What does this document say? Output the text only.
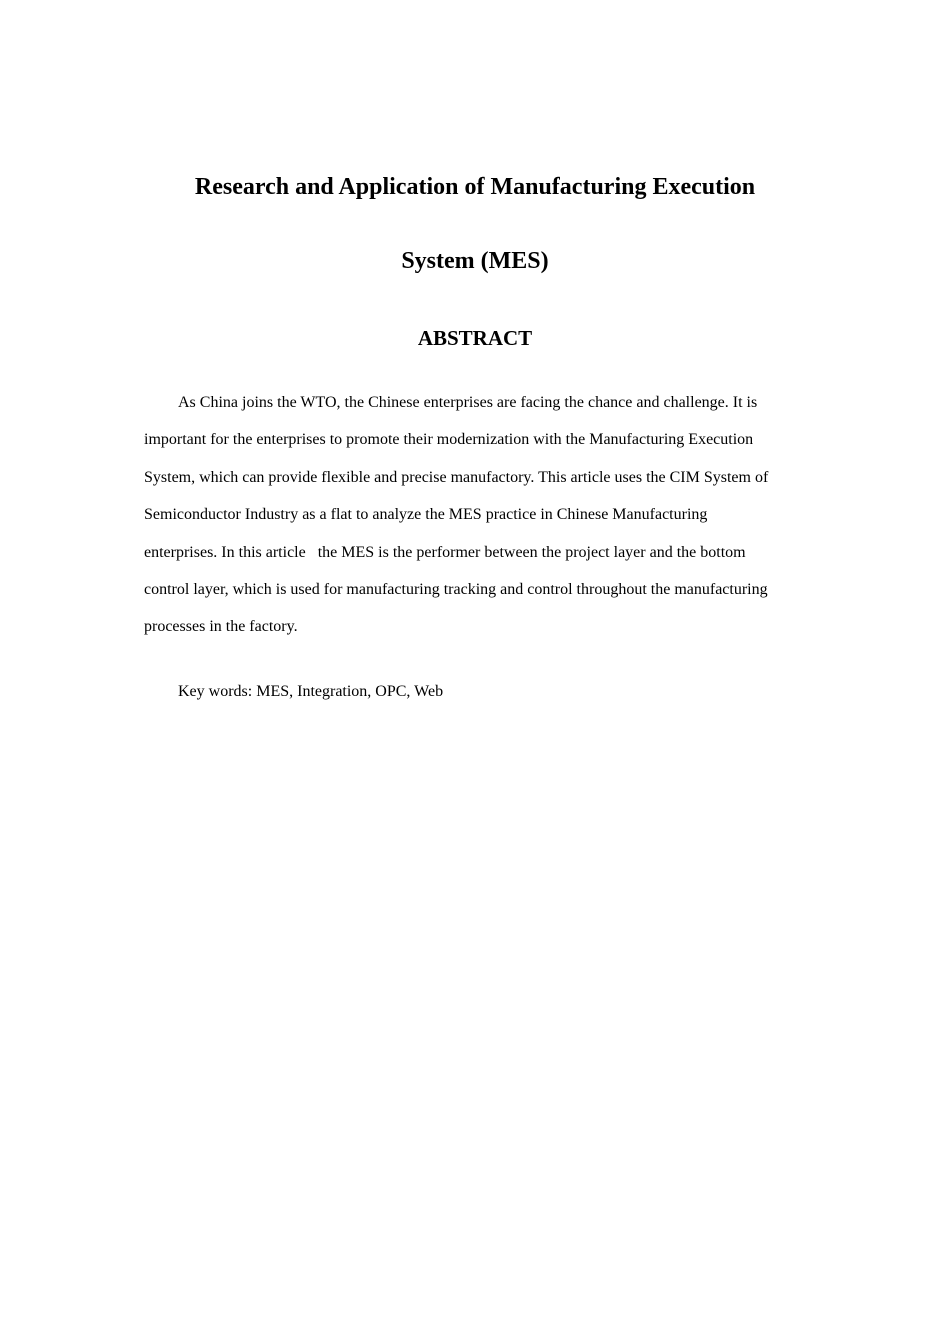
Research and Application of Manufacturing Execution
System (MES)
ABSTRACT
As China joins the WTO, the Chinese enterprises are facing the chance and challenge. It is
important for the enterprises to promote their modernization with the Manufacturing Execution
System, which can provide flexible and precise manufactory. This article uses the CIM System of
Semiconductor Industry as a flat to analyze the MES practice in Chinese Manufacturing
enterprises. In this article   the MES is the performer between the project layer and the bottom
control layer, which is used for manufacturing tracking and control throughout the manufacturing
processes in the factory.

Key words: MES, Integration, OPC, Web
